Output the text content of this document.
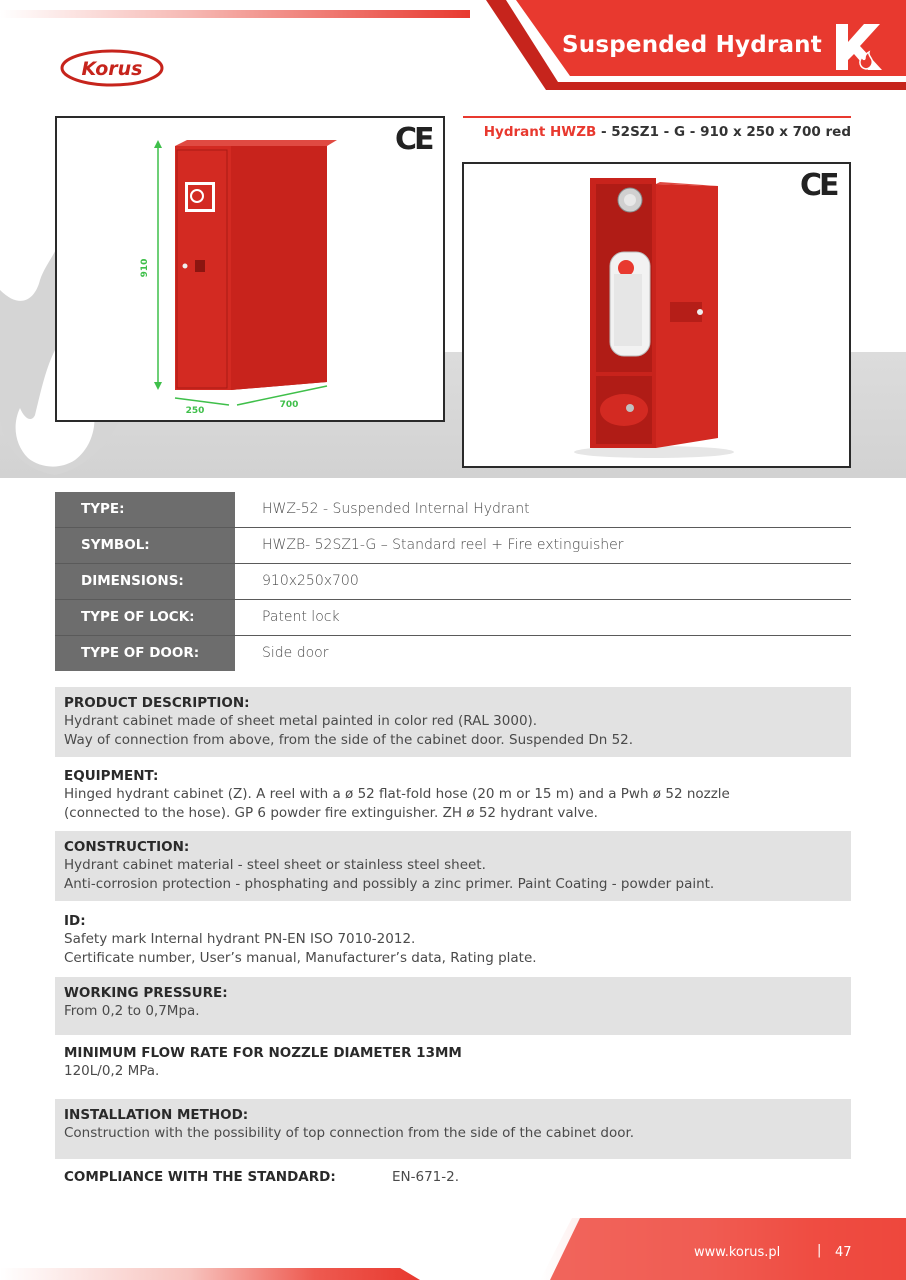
Suspended Hydrant
Korus
910
250
700
CE	Hydrant HWZB - 52SZ1 - G - 910 x 250 x 700 red
CE
TYPE:	HWZ-52 - Suspended Internal Hydrant
SYMBOL:	HWZB- 52SZ1-G – Standard reel + Fire extinguisher
DIMENSIONS:	910x250x700
TYPE OF LOCK:	Patent lock
TYPE OF DOOR:	Side door
PRODUCT DESCRIPTION:
Hydrant cabinet made of sheet metal painted in color red (RAL 3000).
Way of connection from above, from the side of the cabinet door. Suspended Dn 52.
EQUIPMENT:
Hinged hydrant cabinet (Z). A reel with a ø 52 flat-fold hose (20 m or 15 m) and a Pwh ø 52 nozzle
(connected to the hose). GP 6 powder fire extinguisher. ZH ø 52 hydrant valve.
CONSTRUCTION:
Hydrant cabinet material - steel sheet or stainless steel sheet.
Anti-corrosion protection - phosphating and possibly a zinc primer. Paint Coating - powder paint.
ID:
Safety mark Internal hydrant PN-EN ISO 7010-2012.
Certificate number, User’s manual, Manufacturer’s data, Rating plate.
WORKING PRESSURE:
From 0,2 to 0,7Mpa.
MINIMUM FLOW RATE FOR NOZZLE DIAMETER 13MM
120L/0,2 MPa.
INSTALLATION METHOD:
Construction with the possibility of top connection from the side of the cabinet door.
COMPLIANCE WITH THE STANDARD:	EN-671-2.
www.korus.pl	| 47
